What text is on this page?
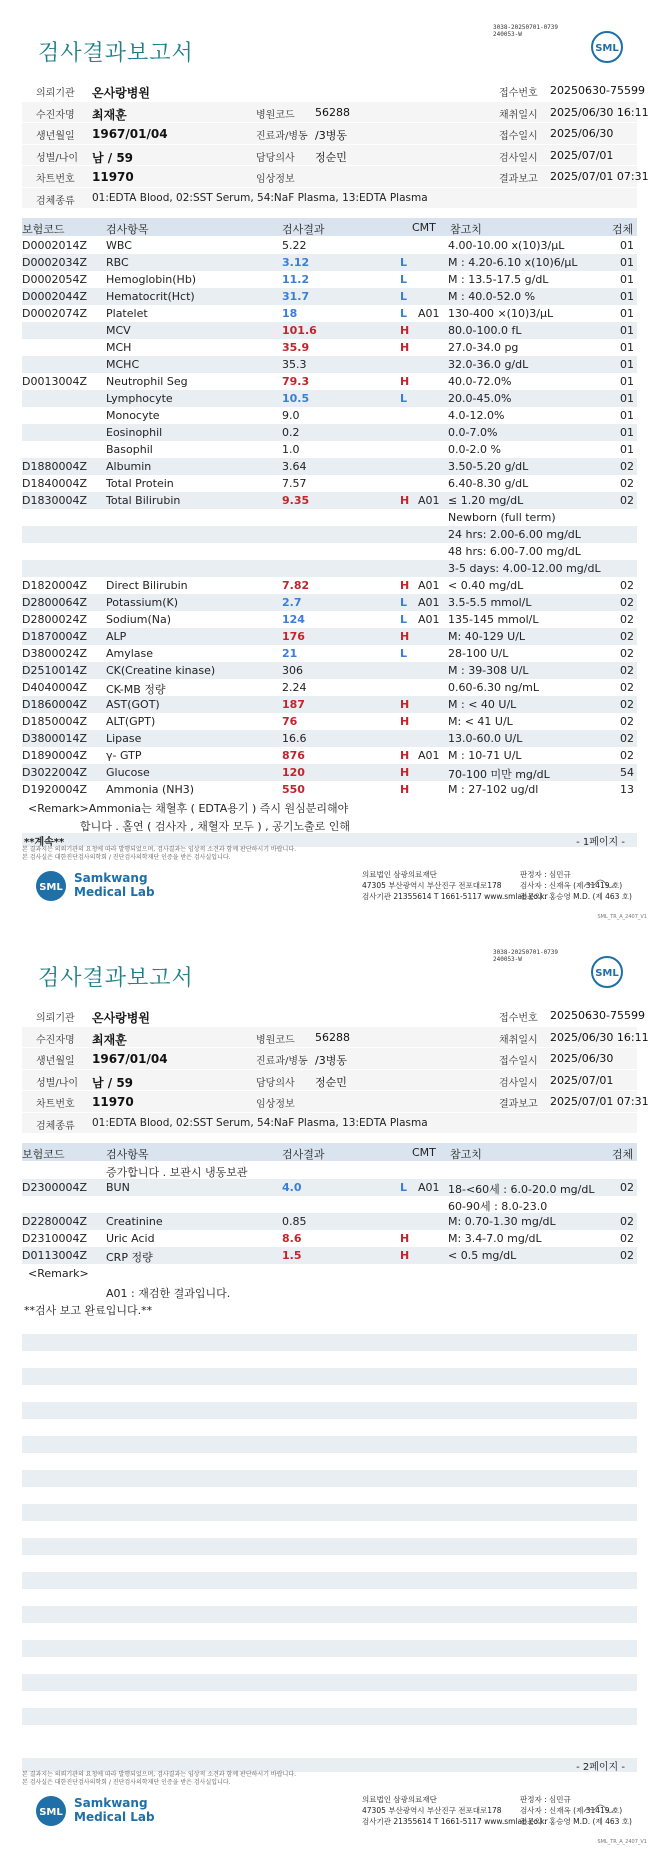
검사결과보고서
3038-20250701-0739
240053-W
SML
의뢰기관 온사랑병원	접수번호 20250630-75599
수진자명 최재훈	병원코드 56288	채취일시 2025/06/30 16:11
생년월일 1967/01/04	진료과/병동 /3병동	접수일시 2025/06/30
성별/나이 남 / 59	담당의사 정순민	검사일시 2025/07/01
차트번호 11970	임상정보	결과보고 2025/07/01 07:31
검체종류 01:EDTA Blood, 02:SST Serum, 54:NaF Plasma, 13:EDTA Plasma
보험코드	검사항목	검사결과	CMT 참고치	검체
D0002014Z WBC	5.22	4.00-10.00 x(10)3/μL	01
D0002034Z RBC	3.12	L	M : 4.20-6.10 x(10)6/μL	01
D0002054Z Hemoglobin(Hb)	11.2	L	M : 13.5-17.5 g/dL	01
D0002044Z Hematocrit(Hct)	31.7	L	M : 40.0-52.0 %	01
D0002074Z Platelet	18	L A01 130-400 ×(10)3/μL	01
MCV	101.6	H	80.0-100.0 fL	01
MCH	35.9	H	27.0-34.0 pg	01
MCHC	35.3	32.0-36.0 g/dL	01
D0013004Z Neutrophil Seg	79.3	H	40.0-72.0%	01
Lymphocyte	10.5	L	20.0-45.0%	01
Monocyte	9.0	4.0-12.0%	01
Eosinophil	0.2	0.0-7.0%	01
Basophil	1.0	0.0-2.0 %	01
D1880004Z Albumin	3.64	3.50-5.20 g/dL	02
D1840004Z Total Protein	7.57	6.40-8.30 g/dL	02
D1830004Z Total Bilirubin	9.35	H A01 ≤ 1.20 mg/dL	02
Newborn (full term)
24 hrs: 2.00-6.00 mg/dL
48 hrs: 6.00-7.00 mg/dL
3-5 days: 4.00-12.00 mg/dL
D1820004Z Direct Bilirubin	7.82	H A01 < 0.40 mg/dL	02
D2800064Z Potassium(K)	2.7	L A01 3.5-5.5 mmol/L	02
D2800024Z Sodium(Na)	124	L A01 135-145 mmol/L	02
D1870004Z ALP	176	H	M: 40-129 U/L	02
D3800024Z Amylase	21	L	28-100 U/L	02
D2510014Z CK(Creatine kinase)	306	M : 39-308 U/L	02
D4040004Z CK-MB 정량	2.24	0.60-6.30 ng/mL	02
D1860004Z AST(GOT)	187	H	M : < 40 U/L	02
D1850004Z ALT(GPT)	76	H	M: < 41 U/L	02
D3800014Z Lipase	16.6	13.0-60.0 U/L	02
D1890004Z γ- GTP	876	H A01 M : 10-71 U/L	02
D3022004Z Glucose	120	H	70-100 미만 mg/dL	54
D1920004Z Ammonia (NH3)	550	H	M : 27-102 ug/dl	13
<Remark>Ammonia는 채혈후 ( EDTA용기 ) 즉시 원심분리해야
합니다 . 홀연 ( 검사자 , 채혈자 모두 ) , 공기노출로 인해
**계속**	- 1페이지 -
본 결과지는 의뢰기관의 요청에 따라 발행되었으며, 검사결과는 임상적 소견과 함께 판단하시기 바랍니다.
본 검사실은 대한진단검사의학회 / 진단검사의학재단 인증을 받은 검사실입니다.
SML
Samkwang
Medical Lab
의료법인 삼광의료재단
47305 부산광역시 부산진구 전포대로178
검사기관 21355614 T 1661-5117 www.smlab.co.kr
판정자 : 심민규
검사자 : 신재옥 (제 31419 호)
전문의 : 홍승영 M.D. (제 463 호)
SML_TR_A_2407_V1
검사결과보고서
3038-20250701-0739
240053-W
SML
의뢰기관 온사랑병원	접수번호 20250630-75599
수진자명 최재훈	병원코드 56288	채취일시 2025/06/30 16:11
생년월일 1967/01/04	진료과/병동 /3병동	접수일시 2025/06/30
성별/나이 남 / 59	담당의사 정순민	검사일시 2025/07/01
차트번호 11970	임상정보	결과보고 2025/07/01 07:31
검체종류 01:EDTA Blood, 02:SST Serum, 54:NaF Plasma, 13:EDTA Plasma
보험코드	검사항목	검사결과	CMT 참고치	검체
증가합니다 . 보관시 냉동보관
D2300004Z BUN	4.0	L A01 18-<60세 : 6.0-20.0 mg/dL 02
60-90세 : 8.0-23.0
D2280004Z Creatinine	0.85	M: 0.70-1.30 mg/dL	02
D2310004Z Uric Acid	8.6	H	M: 3.4-7.0 mg/dL	02
D0113004Z CRP 정량	1.5	H	< 0.5 mg/dL	02
<Remark>
A01 : 재검한 결과입니다.
**검사 보고 완료입니다.**
- 2페이지 -
본 결과지는 의뢰기관의 요청에 따라 발행되었으며, 검사결과는 임상적 소견과 함께 판단하시기 바랍니다.
본 검사실은 대한진단검사의학회 / 진단검사의학재단 인증을 받은 검사실입니다.
SML
Samkwang
Medical Lab
의료법인 삼광의료재단
47305 부산광역시 부산진구 전포대로178
검사기관 21355614 T 1661-5117 www.smlab.co.kr
판정자 : 심민규
검사자 : 신재옥 (제 31419 호)
전문의 : 홍승영 M.D. (제 463 호)
SML_TR_A_2407_V1
